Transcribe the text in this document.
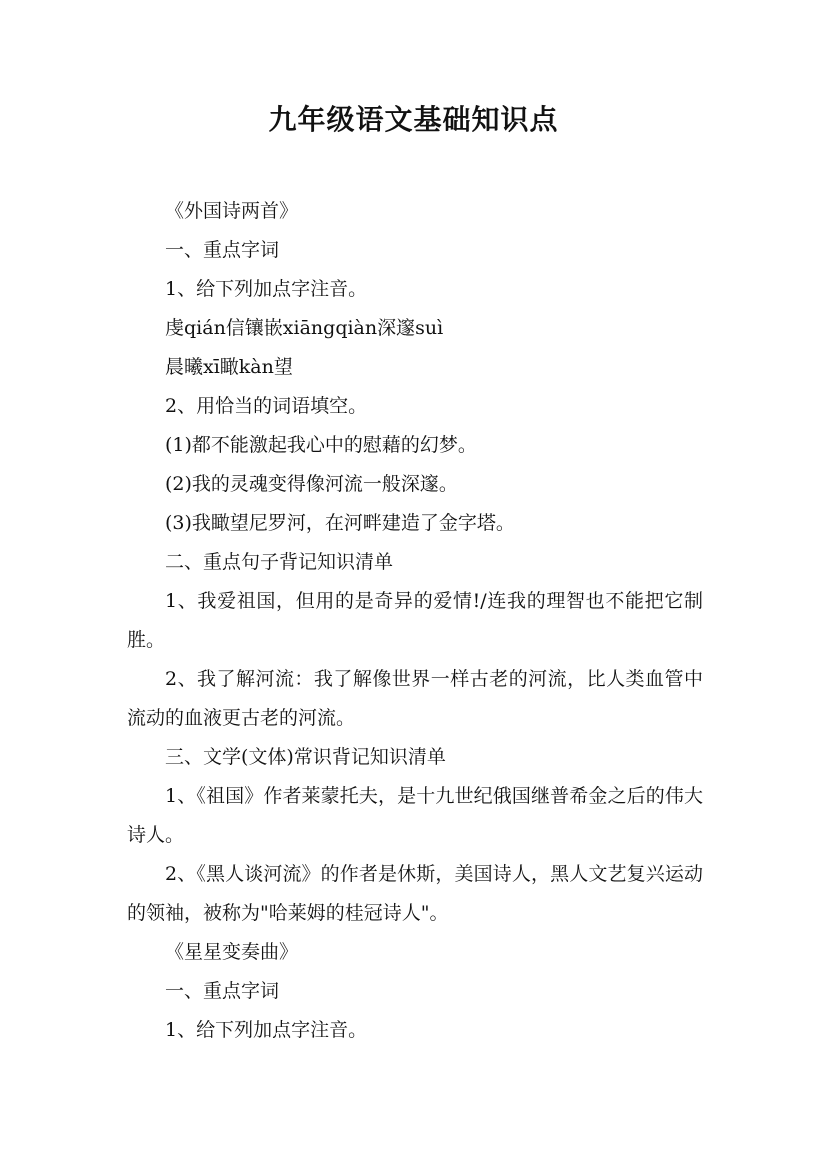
九年级语文基础知识点

《外国诗两首》

一、重点字词

1、给下列加点字注音。

虔qián信镶嵌xiāngqiàn深邃suì

晨曦xī瞰kàn望

2、用恰当的词语填空。

(1)都不能激起我心中的慰藉的幻梦。

(2)我的灵魂变得像河流一般深邃。

(3)我瞰望尼罗河，在河畔建造了金字塔。

二、重点句子背记知识清单

1、我爱祖国，但用的是奇异的爱情!/连我的理智也不能把它制胜。

2、我了解河流：我了解像世界一样古老的河流，比人类血管中流动的血液更古老的河流。

三、文学(文体)常识背记知识清单

1、《祖国》作者莱蒙托夫，是十九世纪俄国继普希金之后的伟大诗人。

2、《黑人谈河流》的作者是休斯，美国诗人，黑人文艺复兴运动的领袖，被称为"哈莱姆的桂冠诗人"。

《星星变奏曲》

一、重点字词

1、给下列加点字注音。
